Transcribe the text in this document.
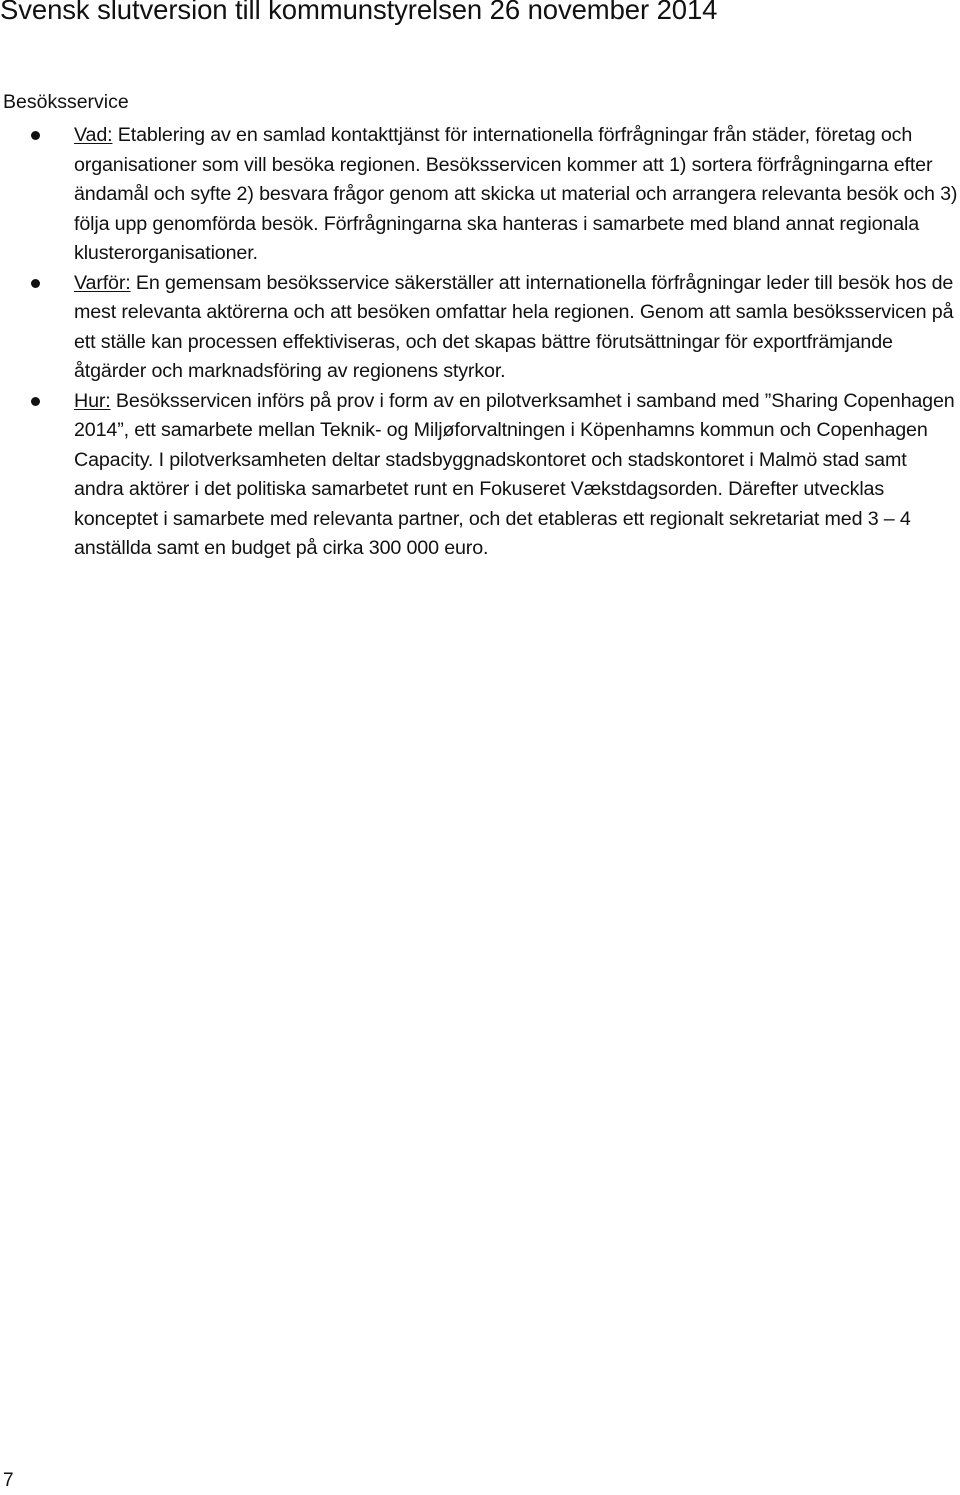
Svensk slutversion till kommunstyrelsen 26 november 2014
Besöksservice
Vad: Etablering av en samlad kontakttjänst för internationella förfrågningar från städer, företag och organisationer som vill besöka regionen. Besöksservicen kommer att 1) sortera förfrågningarna efter ändamål och syfte 2) besvara frågor genom att skicka ut material och arrangera relevanta besök och 3) följa upp genomförda besök. Förfrågningarna ska hanteras i samarbete med bland annat regionala klusterorganisationer.
Varför: En gemensam besöksservice säkerställer att internationella förfrågningar leder till besök hos de mest relevanta aktörerna och att besöken omfattar hela regionen. Genom att samla besöksservicen på ett ställe kan processen effektiviseras, och det skapas bättre förutsättningar för exportfrämjande åtgärder och marknadsföring av regionens styrkor.
Hur: Besöksservicen införs på prov i form av en pilotverksamhet i samband med ”Sharing Copenhagen 2014”, ett samarbete mellan Teknik- og Miljøforvaltningen i Köpenhamns kommun och Copenhagen Capacity. I pilotverksamheten deltar stadsbyggnadskontoret och stadskontoret i Malmö stad samt andra aktörer i det politiska samarbetet runt en Fokuseret Vækstdagsorden. Därefter utvecklas konceptet i samarbete med relevanta partner, och det etableras ett regionalt sekretariat med 3 – 4 anställda samt en budget på cirka 300 000 euro.

7
